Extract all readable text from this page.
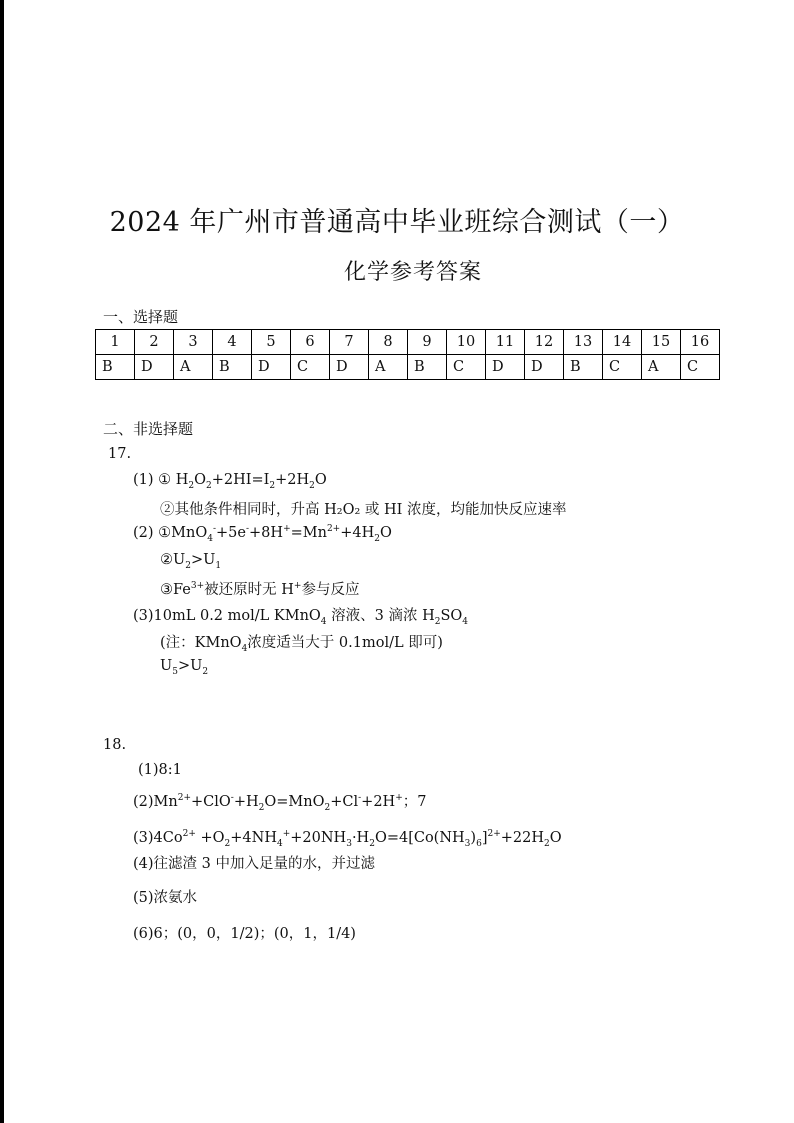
2024 年广州市普通高中毕业班综合测试（一）
化学参考答案
一、选择题
1	2	3	4	5	6	7	8	9	10	11	12	13	14	15	16
B	D	A	B	D	C	D	A	B	C	D	D	B	C	A	C
二、非选择题
17.
(1) ① $H_2O_2+2HI=I_2+2H_2O$
②其他条件相同时，升高 H₂O₂ 或 HI 浓度，均能加快反应速率
(2) $①MnO_4^-+5e^-+8H^+=Mn^{2+}+4H_2O$
$②U_2>U_1$
$③Fe^{3+}$被还原时无 H+参与反应
(3)10mL 0.2 mol/L KMnO$_4$ 溶液、3 滴浓 $H_2SO_4$
(注：KMnO$_4$浓度适当大于 0.1mol/L 即可)
$U_5>U_2$
18.
(1)8:1
$(2)Mn^{2+}+ClO^-+H_2O=MnO_2+Cl^-+2H^+$；7
$(3)4Co^{2+} +O_2+4NH_4^++20NH_3\cdot H_2O=4[Co(NH_3)_6]^{2+}+22H_2O$
(4)往滤渣 3 中加入足量的水，并过滤
(5)浓氨水
(6)6；(0，0，1/2)；(0，1，1/4)
